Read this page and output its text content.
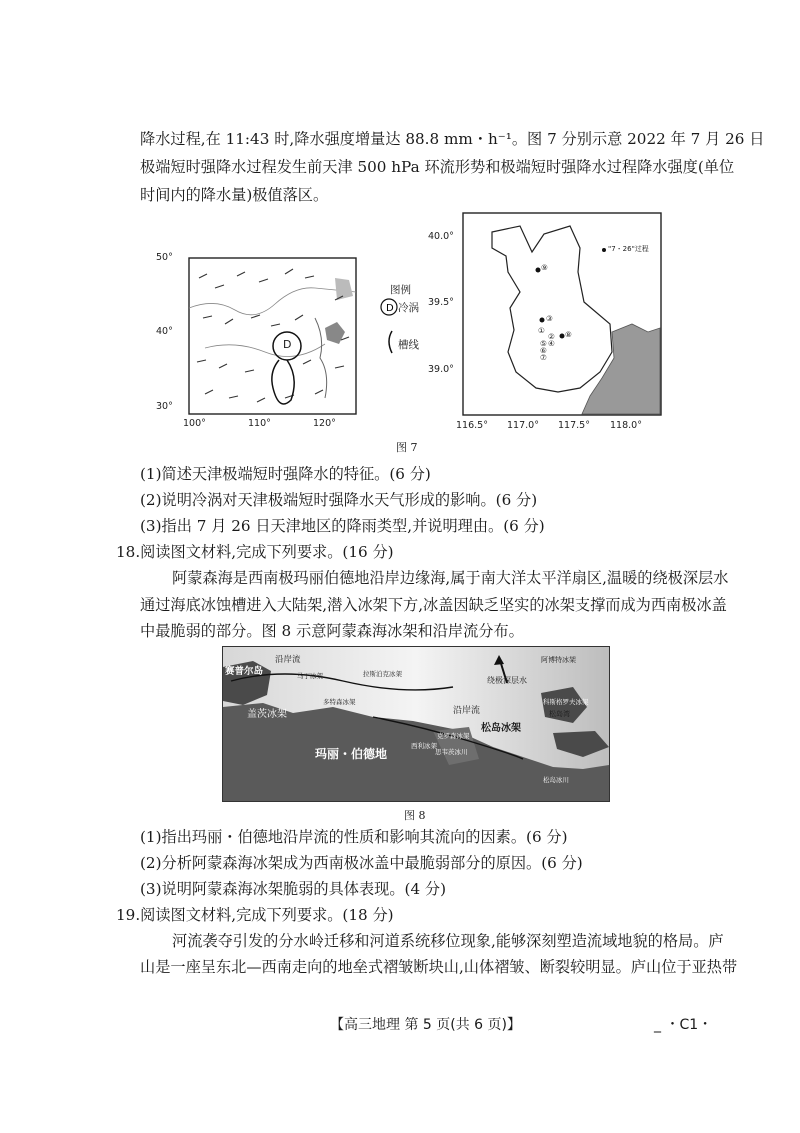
降水过程,在 11:43 时,降水强度增量达 88.8 mm・h⁻¹。图 7 分别示意 2022 年 7 月 26 日
极端短时强降水过程发生前天津 500 hPa 环流形势和极端短时强降水过程降水强度(单位
时间内的降水量)极值落区。
D
50°
40°
30°
100°	110°	120°
图例
D 冷涡
槽线
"7・26"过程
⑨
③
①	⑧
②
④
⑤
⑥
⑦
40.0°
39.5°
39.0°
116.5° 117.0° 117.5° 118.0°
图 7
(1)简述天津极端短时强降水的特征。(6 分)
(2)说明冷涡对天津极端短时强降水天气形成的影响。(6 分)
(3)指出 7 月 26 日天津地区的降雨类型,并说明理由。(6 分)
18.阅读图文材料,完成下列要求。(16 分)
阿蒙森海是西南极玛丽伯德地沿岸边缘海,属于南大洋太平洋扇区,温暖的绕极深层水
通过海底冰蚀槽进入大陆架,潜入冰架下方,冰盖因缺乏坚实的冰架支撑而成为西南极冰盖
中最脆弱的部分。图 8 示意阿蒙森海冰架和沿岸流分布。
赛普尔岛
沿岸流
盖茨冰架
玛丽・伯德地
沿岸流
绕极深层水
阿博特冰架
松岛冰架
科斯格罗夫冰架
松岛湾
多特森冰架
克罗森冰架
思韦茨冰川
松岛冰川
马丁冰架	拉斯泊克冰架
西利冰架
图 8
(1)指出玛丽・伯德地沿岸流的性质和影响其流向的因素。(6 分)
(2)分析阿蒙森海冰架成为西南极冰盖中最脆弱部分的原因。(6 分)
(3)说明阿蒙森海冰架脆弱的具体表现。(4 分)
19.阅读图文材料,完成下列要求。(18 分)
河流袭夺引发的分水岭迁移和河道系统移位现象,能够深刻塑造流域地貌的格局。庐
山是一座呈东北—西南走向的地垒式褶皱断块山,山体褶皱、断裂较明显。庐山位于亚热带
【高三地理 第 5 页(共 6 页)】	_ ・C1・
